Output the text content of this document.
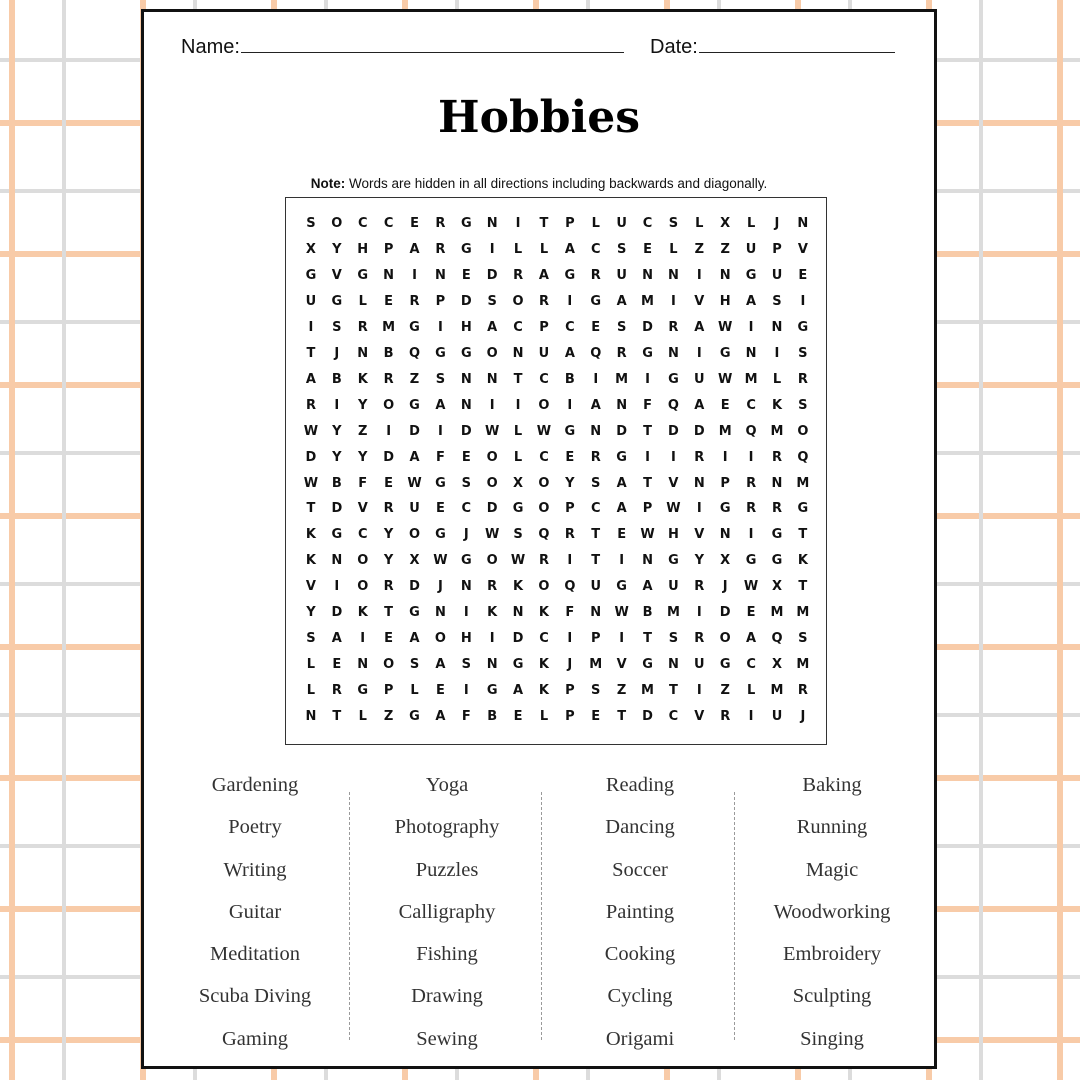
Name:	Date:
Hobbies
Note: Words are hidden in all directions including backwards and diagonally.
S	O	C	C	E	R	G	N	I	T	P	L	U	C	S	L	X	L	J	N
X	Y	H	P	A	R	G	I	L	L	A	C	S	E	L	Z	Z	U	P	V
G	V	G	N	I	N	E	D	R	A	G	R	U	N	N	I	N	G	U	E
U	G	L	E	R	P	D	S	O	R	I	G	A	M	I	V	H	A	S	I
I	S	R	M	G	I	H	A	C	P	C	E	S	D	R	A	W	I	N	G
T	J	N	B	Q	G	G	O	N	U	A	Q	R	G	N	I	G	N	I	S
A	B	K	R	Z	S	N	N	T	C	B	I	M	I	G	U	W M	L	R
R	I	Y	O	G	A	N	I	I	O	I	A	N	F	Q	A	E	C	K	S
W	Y	Z	I	D	I	D	W	L	W	G	N	D	T	D	D	M	Q	M	O
D	Y	Y	D	A	F	E	O	L	C	E	R	G	I	I	R	I	I	R	Q
W	B	F	E	W	G	S	O	X	O	Y	S	A	T	V	N	P	R	N	M
T	D	V	R	U	E	C	D	G	O	P	C	A	P	W	I	G	R	R	G
K	G	C	Y	O	G	J	W	S	Q	R	T	E	W	H	V	N	I	G	T
K	N	O	Y	X	W	G	O	W	R	I	T	I	N	G	Y	X	G	G	K
V	I	O	R	D	J	N	R	K	O	Q	U	G	A	U	R	J	W	X	T
Y	D	K	T	G	N	I	K	N	K	F	N	W	B	M	I	D	E	M M
S	A	I	E	A	O	H	I	D	C	I	P	I	T	S	R	O	A	Q	S
L	E	N	O	S	A	S	N	G	K	J	M	V	G	N	U	G	C	X	M
L	R	G	P	L	E	I	G	A	K	P	S	Z	M	T	I	Z	L	M	R
N	T	L	Z	G	A	F	B	E	L	P	E	T	D	C	V	R	I	U	J
Gardening
Poetry
Writing
Guitar
Meditation
Scuba Diving
Gaming
Yoga
Photography
Puzzles
Calligraphy
Fishing
Drawing
Sewing
Reading
Dancing
Soccer
Painting
Cooking
Cycling
Origami
Baking
Running
Magic
Woodworking
Embroidery
Sculpting
Singing
